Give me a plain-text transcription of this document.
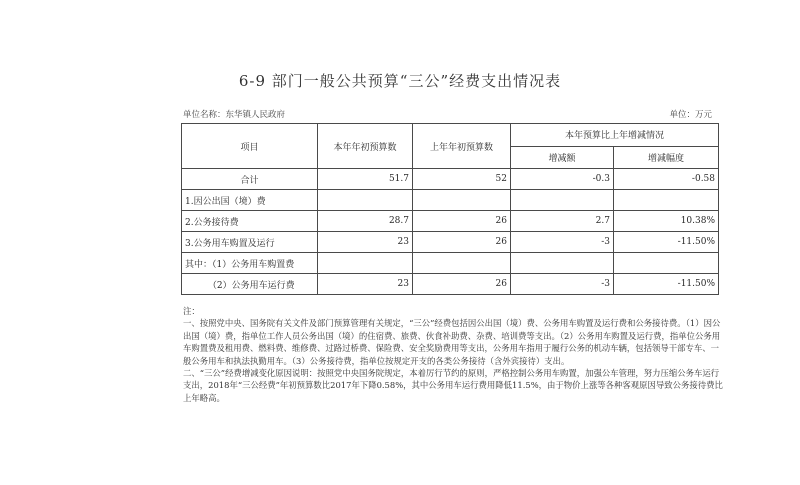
6-9 部门一般公共预算“三公”经费支出情况表
单位名称：东华镇人民政府	单位：万元
项目	本年年初预算数	上年年初预算数	本年预算比上年增减情况	
			增减额	增减幅度
合计	51.7	52	-0.3	-0.58
1.因公出国（境）费				
2.公务接待费	28.7	26	2.7	10.38%
3.公务用车购置及运行	23	26	-3	-11.50%
其中：（1）公务用车购置费				
（2）公务用车运行费	23	26	-3	-11.50%

注：

一、按照党中央、国务院有关文件及部门预算管理有关规定，“三公”经费包括因公出国（境）费、公务用车购置及运行费和公务接待费。（1）因公出国（境）费，指单位工作人员公务出国（境）的住宿费、旅费、伙食补助费、杂费、培训费等支出。（2）公务用车购置及运行费，指单位公务用车购置费及租用费、燃料费、维修费、过路过桥费、保险费、安全奖励费用等支出，公务用车指用于履行公务的机动车辆，包括领导干部专车、一般公务用车和执法执勤用车。（3）公务接待费，指单位按规定开支的各类公务接待（含外宾接待）支出。

二、“三公”经费增减变化原因说明：按照党中央国务院规定，本着厉行节约的原则，严格控制公务用车购置，加强公车管理，努力压缩公务车运行支出，2018年“三公经费”年初预算数比2017年下降0.58%，其中公务用车运行费用降低11.5%，由于物价上涨等各种客观原因导致公务接待费比上年略高。
